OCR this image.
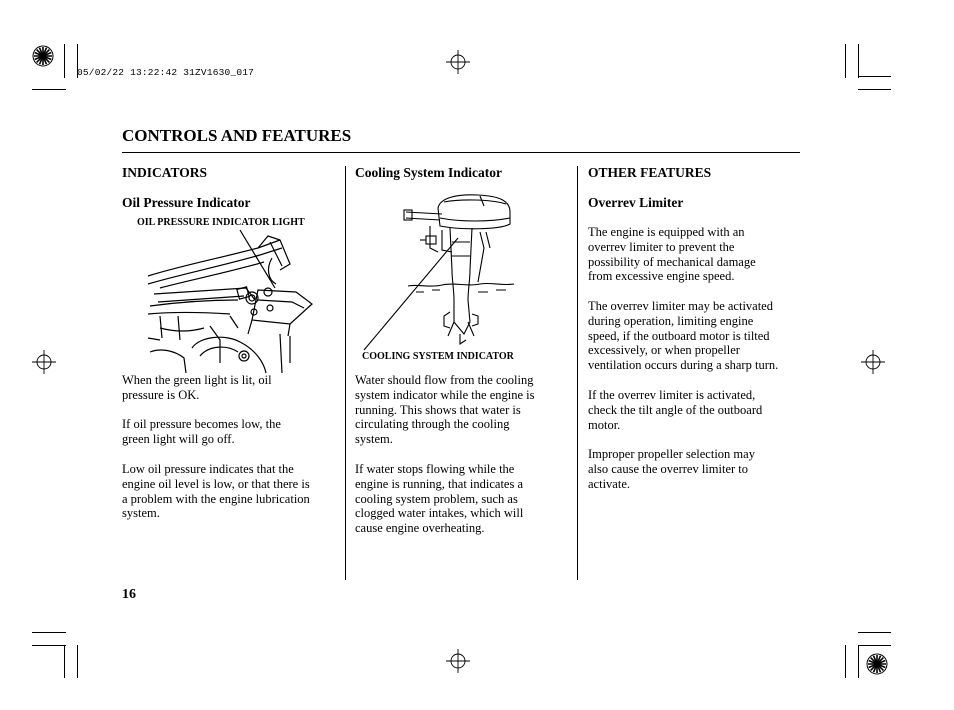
05/02/22 13:22:42 31ZV1630_017
CONTROLS AND FEATURES
INDICATORS
Oil Pressure Indicator
OIL PRESSURE INDICATOR LIGHT
When the green light is lit, oil
pressure is OK.
If oil pressure becomes low, the
green light will go off.
Low oil pressure indicates that the
engine oil level is low, or that there is
a problem with the engine lubrication
system.
Cooling System Indicator
COOLING SYSTEM INDICATOR
Water should flow from the cooling
system indicator while the engine is
running. This shows that water is
circulating through the cooling
system.
If water stops flowing while the
engine is running, that indicates a
cooling system problem, such as
clogged water intakes, which will
cause engine overheating.
OTHER FEATURES
Overrev Limiter
The engine is equipped with an
overrev limiter to prevent the
possibility of mechanical damage
from excessive engine speed.
The overrev limiter may be activated
during operation, limiting engine
speed, if the outboard motor is tilted
excessively, or when propeller
ventilation occurs during a sharp turn.
If the overrev limiter is activated,
check the tilt angle of the outboard
motor.
Improper propeller selection may
also cause the overrev limiter to
activate.
16
